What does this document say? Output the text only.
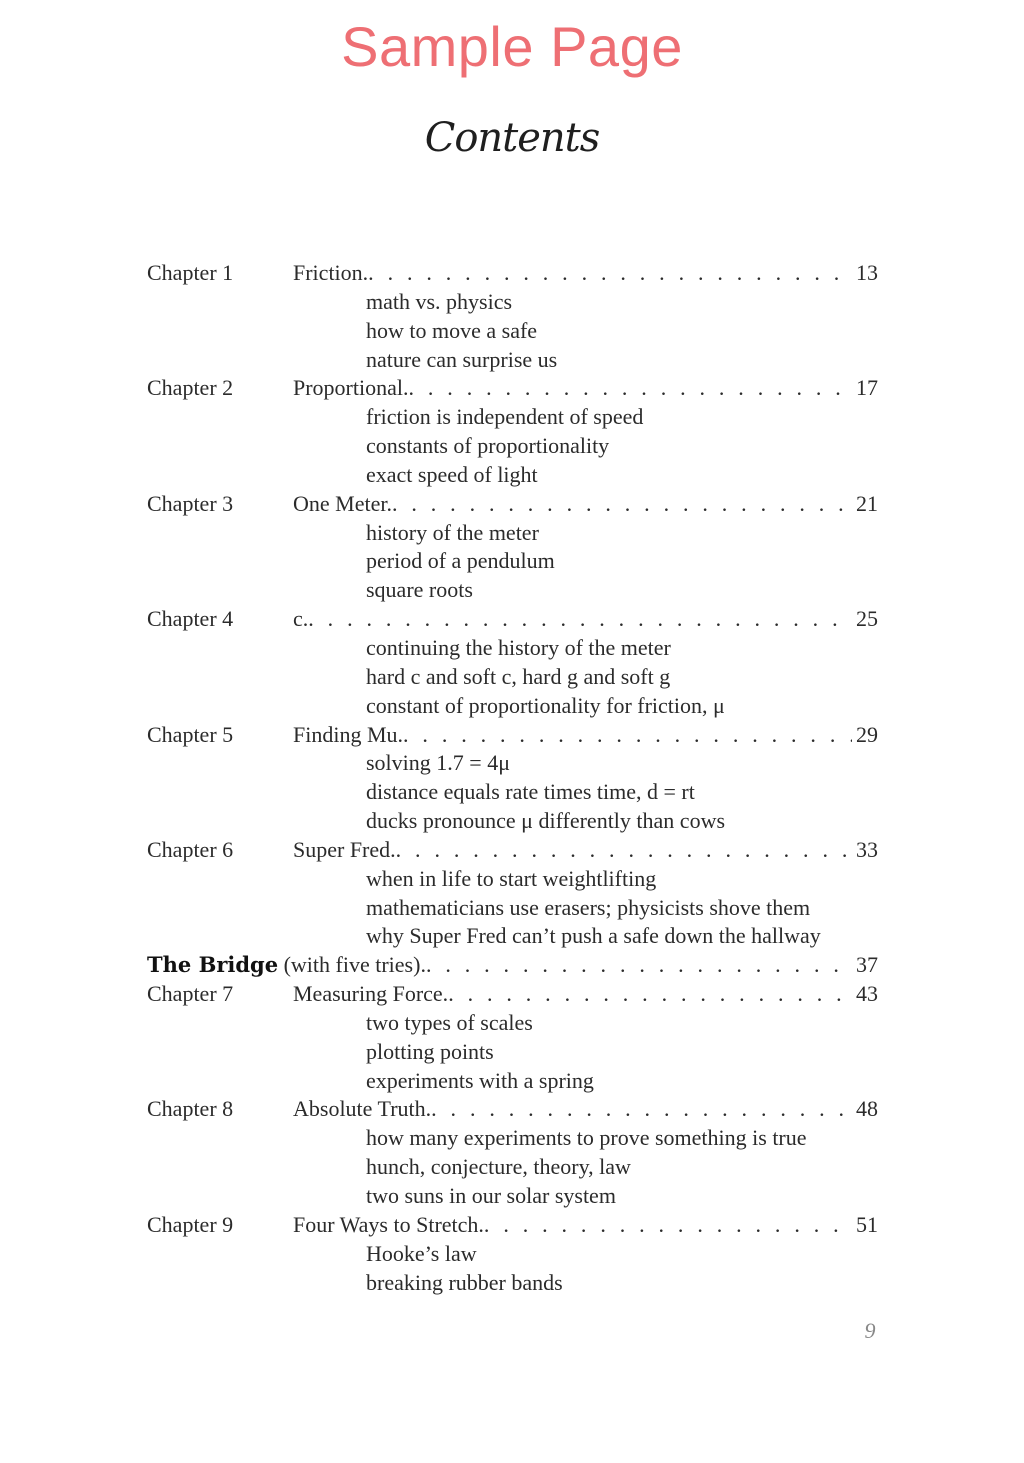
Sample Page
Contents
Chapter 1	Friction. . . .	13
math vs. physics
how to move a safe
nature can surprise us
Chapter 2	Proportional. . . .	17
friction is independent of speed
constants of proportionality
exact speed of light
Chapter 3	One Meter. . . .	21
history of the meter
period of a pendulum
square roots
Chapter 4	c. . . .	25
continuing the history of the meter
hard c and soft c, hard g and soft g
constant of proportionality for friction, μ
Chapter 5	Finding Mu. . . .	29
solving 1.7 = 4μ
distance equals rate times time, d = rt
ducks pronounce μ differently than cows
Chapter 6	Super Fred. . . .	33
when in life to start weightlifting
mathematicians use erasers; physicists shove them
why Super Fred can’t push a safe down the hallway
The Bridge (with five tries). . . .	37
Chapter 7	Measuring Force. . . .	43
two types of scales
plotting points
experiments with a spring
Chapter 8	Absolute Truth. . . .	48
how many experiments to prove something is true
hunch, conjecture, theory, law
two suns in our solar system
Chapter 9	Four Ways to Stretch. . . .	51
Hooke’s law
breaking rubber bands
9
